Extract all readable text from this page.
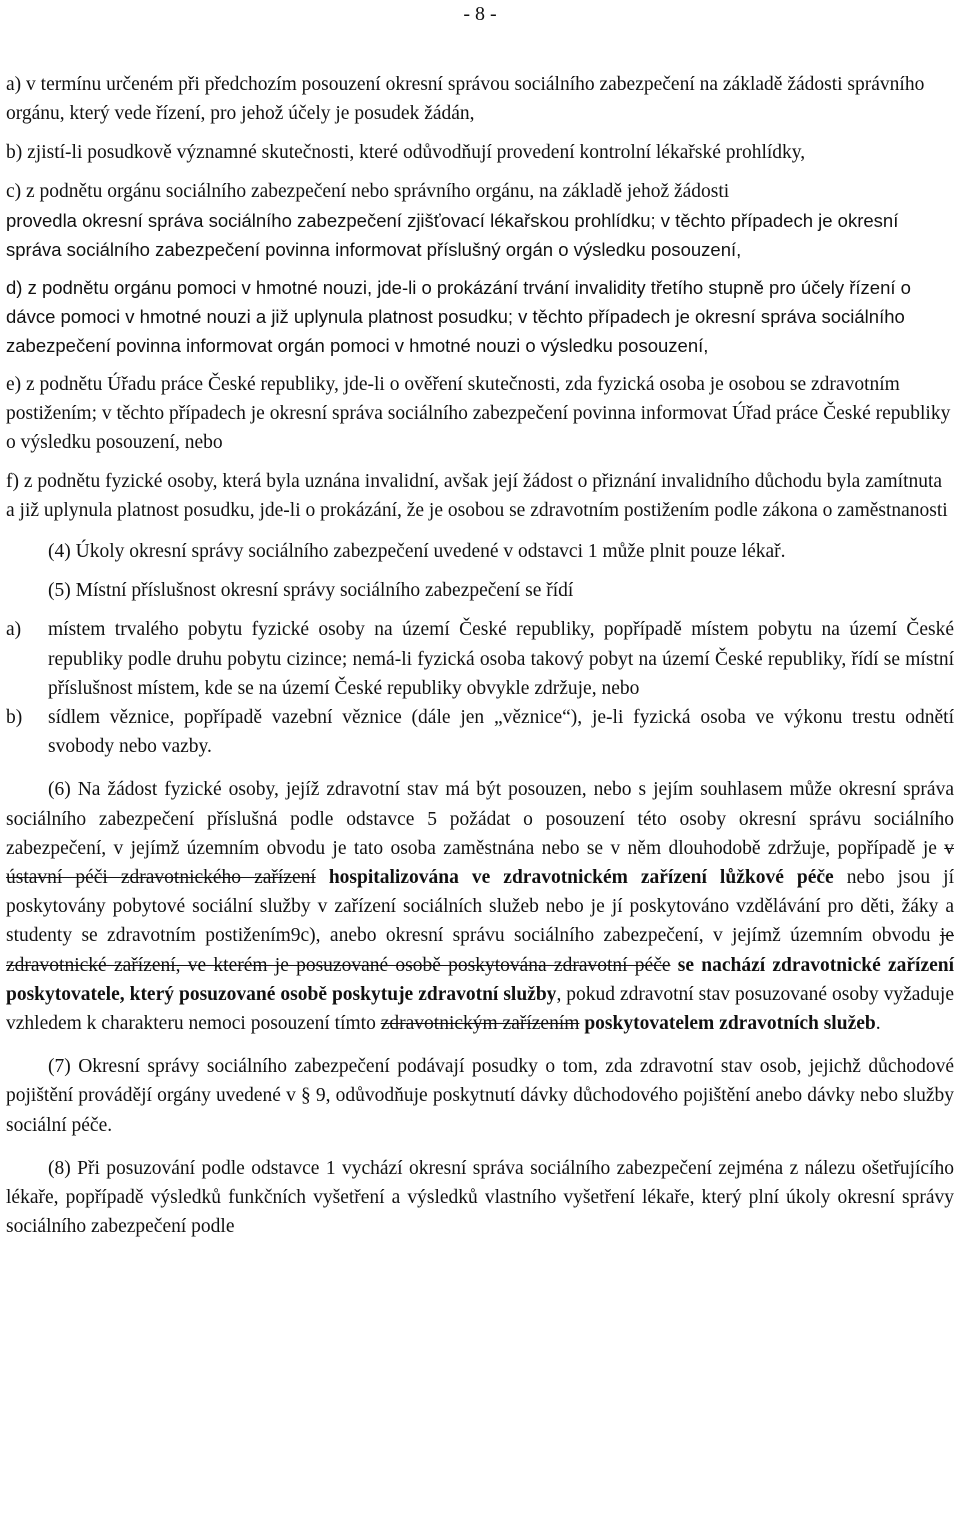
- 8 -

a) v termínu určeném při předchozím posouzení okresní správou sociálního zabezpečení na základě žádosti správního orgánu, který vede řízení, pro jehož účely je posudek žádán,

b) zjistí-li posudkově významné skutečnosti, které odůvodňují provedení kontrolní lékařské prohlídky,

c) z podnětu orgánu sociálního zabezpečení nebo správního orgánu, na základě jehož žádosti

provedla okresní správa sociálního zabezpečení zjišťovací lékařskou prohlídku; v těchto případech je okresní správa sociálního zabezpečení povinna informovat příslušný orgán o výsledku posouzení,

d) z podnětu orgánu pomoci v hmotné nouzi, jde-li o prokázání trvání invalidity třetího stupně pro účely řízení o dávce pomoci v hmotné nouzi a již uplynula platnost posudku; v těchto případech je okresní správa sociálního zabezpečení povinna informovat orgán pomoci v hmotné nouzi o výsledku posouzení,

e) z podnětu Úřadu práce České republiky, jde-li o ověření skutečnosti, zda fyzická osoba je osobou se zdravotním postižením; v těchto případech je okresní správa sociálního zabezpečení povinna informovat Úřad práce České republiky o výsledku posouzení, nebo

f) z podnětu fyzické osoby, která byla uznána invalidní, avšak její žádost o přiznání invalidního důchodu byla zamítnuta a již uplynula platnost posudku, jde-li o prokázání, že je osobou se zdravotním postižením podle zákona o zaměstnanosti

(4) Úkoly okresní správy sociálního zabezpečení uvedené v odstavci 1 může plnit pouze lékař.

(5) Místní příslušnost okresní správy sociálního zabezpečení se řídí

a)	místem trvalého pobytu fyzické osoby na území České republiky, popřípadě místem pobytu na území České republiky podle druhu pobytu cizince; nemá-li fyzická osoba takový pobyt na území České republiky, řídí se místní příslušnost místem, kde se na území České republiky obvykle zdržuje, nebo
b)	sídlem věznice, popřípadě vazební věznice (dále jen „věznice“), je-li fyzická osoba ve výkonu trestu odnětí svobody nebo vazby.

(6) Na žádost fyzické osoby, jejíž zdravotní stav má být posouzen, nebo s jejím souhlasem může okresní správa sociálního zabezpečení příslušná podle odstavce 5 požádat o posouzení této osoby okresní správu sociálního zabezpečení, v jejímž územním obvodu je tato osoba zaměstnána nebo se v něm dlouhodobě zdržuje, popřípadě je v ústavní péči zdravotnického zařízení hospitalizována ve zdravotnickém zařízení lůžkové péče nebo jsou jí poskytovány pobytové sociální služby v zařízení sociálních služeb nebo je jí poskytováno vzdělávání pro děti, žáky a studenty se zdravotním postižením9c), anebo okresní správu sociálního zabezpečení, v jejímž územním obvodu je zdravotnické zařízení, ve kterém je posuzované osobě poskytována zdravotní péče se nachází zdravotnické zařízení poskytovatele, který posuzované osobě poskytuje zdravotní služby, pokud zdravotní stav posuzované osoby vyžaduje vzhledem k charakteru nemoci posouzení tímto zdravotnickým zařízením poskytovatelem zdravotních služeb.

(7) Okresní správy sociálního zabezpečení podávají posudky o tom, zda zdravotní stav osob, jejichž důchodové pojištění provádějí orgány uvedené v § 9, odůvodňuje poskytnutí dávky důchodového pojištění anebo dávky nebo služby sociální péče.

(8) Při posuzování podle odstavce 1 vychází okresní správa sociálního zabezpečení zejména z nálezu ošetřujícího lékaře, popřípadě výsledků funkčních vyšetření a výsledků vlastního vyšetření lékaře, který plní úkoly okresní správy sociálního zabezpečení podle
